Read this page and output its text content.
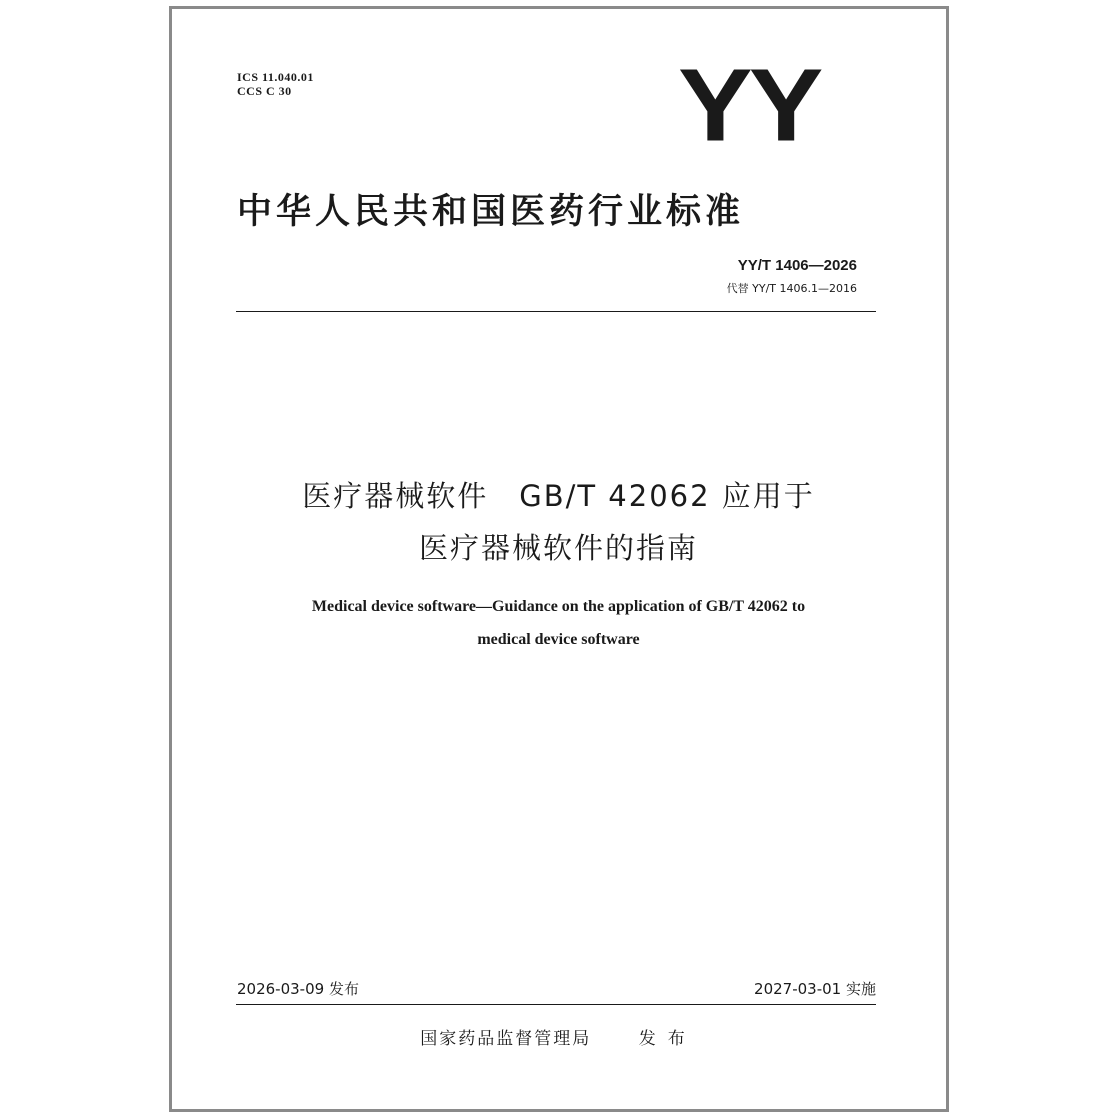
ICS 11.040.01
CCS C 30	YY
中华人民共和国医药行业标准
YY/T 1406—2026
代替 YY/T 1406.1—2016
医疗器械软件　GB/T 42062 应用于
医疗器械软件的指南
Medical device software—Guidance on the application of GB/T 42062 to
medical device software
2026-03-09 发布	2027-03-01 实施
国家药品监督管理局	发布
